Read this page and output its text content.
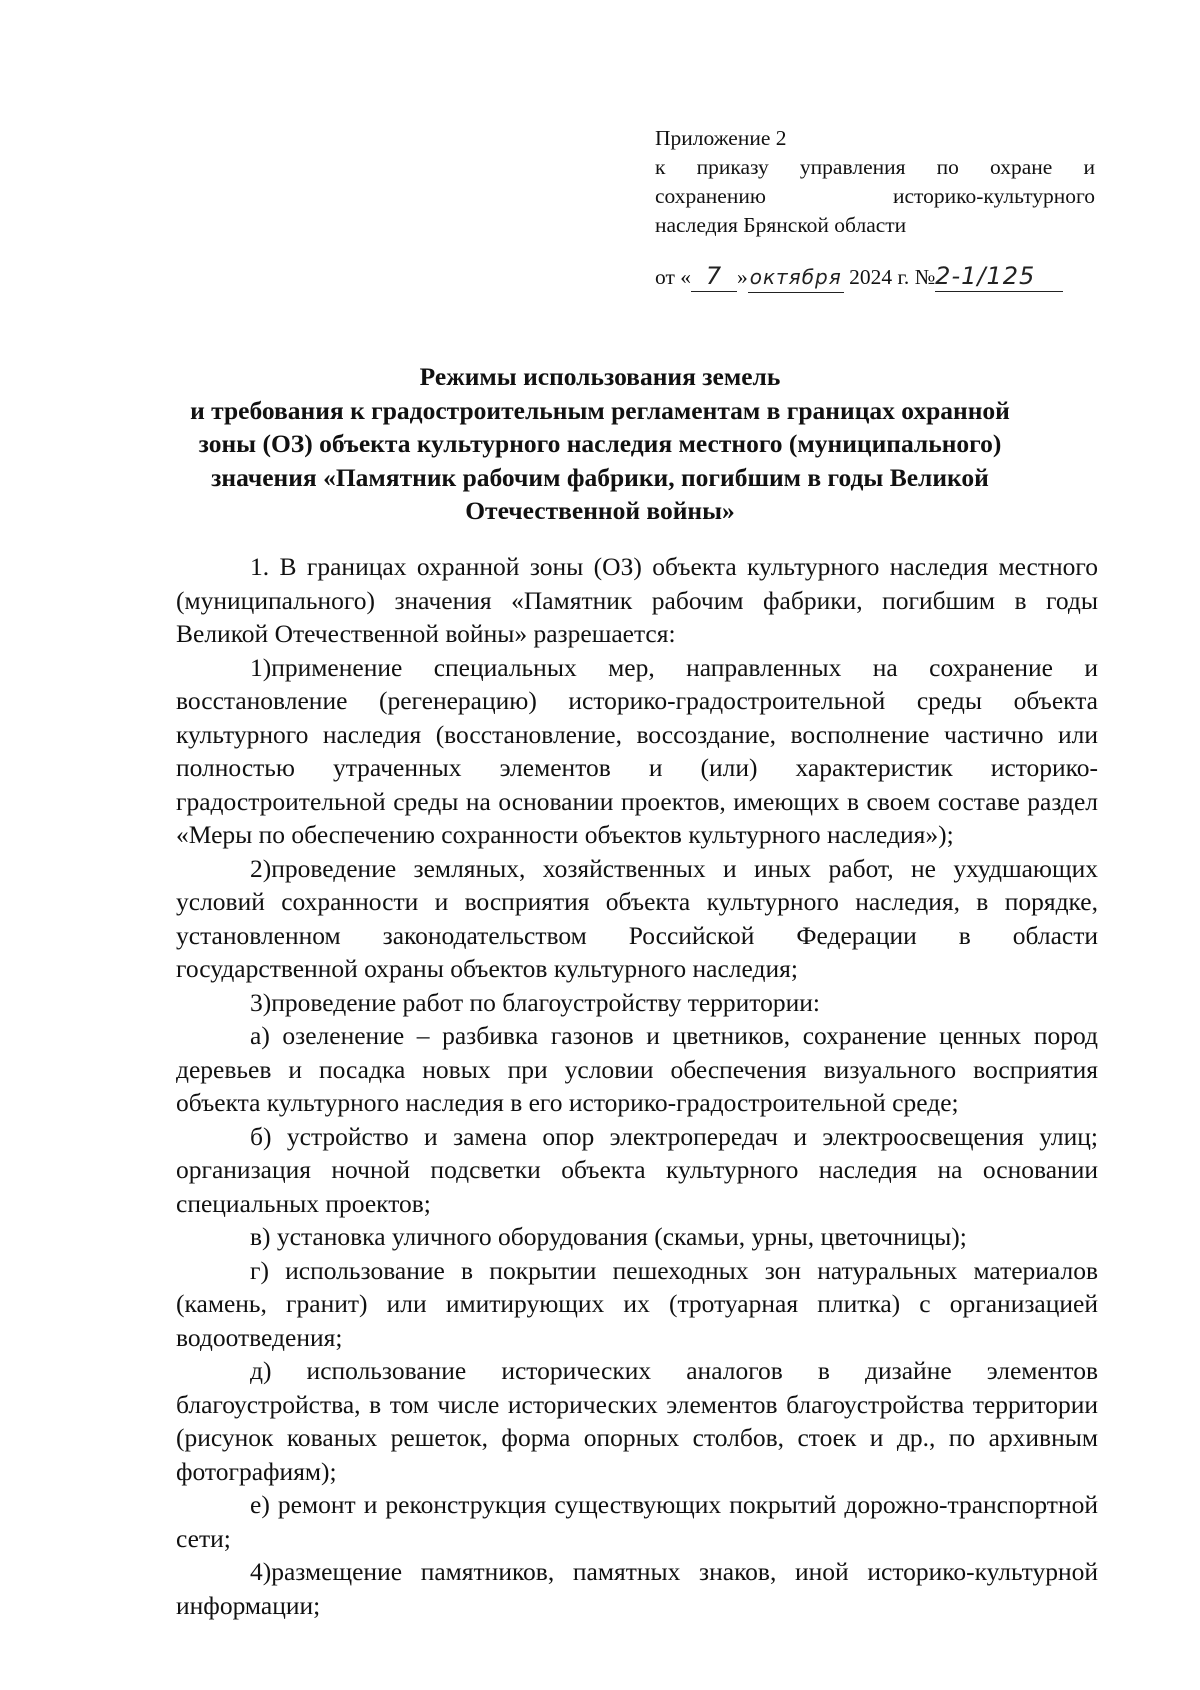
Приложение 2
к приказу управления по охране и
сохранению историко-культурного
наследия Брянской области
от « 7 »октября 2024 г. №2-1/125
Режимы использования земель
и требования к градостроительным регламентам в границах охранной
зоны (ОЗ) объекта культурного наследия местного (муниципального)
значения «Памятник рабочим фабрики, погибшим в годы Великой
Отечественной войны»

1. В границах охранной зоны (ОЗ) объекта культурного наследия местного (муниципального) значения «Памятник рабочим фабрики, погибшим в годы Великой Отечественной войны» разрешается:

1)применение специальных мер, направленных на сохранение и восстановление (регенерацию) историко-градостроительной среды объекта культурного наследия (восстановление, воссоздание, восполнение частично или полностью утраченных элементов и (или) характеристик историко-градостроительной среды на основании проектов, имеющих в своем составе раздел «Меры по обеспечению сохранности объектов культурного наследия»);

2)проведение земляных, хозяйственных и иных работ, не ухудшающих условий сохранности и восприятия объекта культурного наследия, в порядке, установленном законодательством Российской Федерации в области государственной охраны объектов культурного наследия;

3)проведение работ по благоустройству территории:

а) озеленение – разбивка газонов и цветников, сохранение ценных пород деревьев и посадка новых при условии обеспечения визуального восприятия объекта культурного наследия в его историко-градостроительной среде;

б) устройство и замена опор электропередач и электроосвещения улиц; организация ночной подсветки объекта культурного наследия на основании специальных проектов;

в) установка уличного оборудования (скамьи, урны, цветочницы);

г) использование в покрытии пешеходных зон натуральных материалов (камень, гранит) или имитирующих их (тротуарная плитка) с организацией водоотведения;

д) использование исторических аналогов в дизайне элементов благоустройства, в том числе исторических элементов благоустройства территории (рисунок кованых решеток, форма опорных столбов, стоек и др., по архивным фотографиям);

е) ремонт и реконструкция существующих покрытий дорожно-транспортной сети;

4)размещение памятников, памятных знаков, иной историко-культурной информации;
